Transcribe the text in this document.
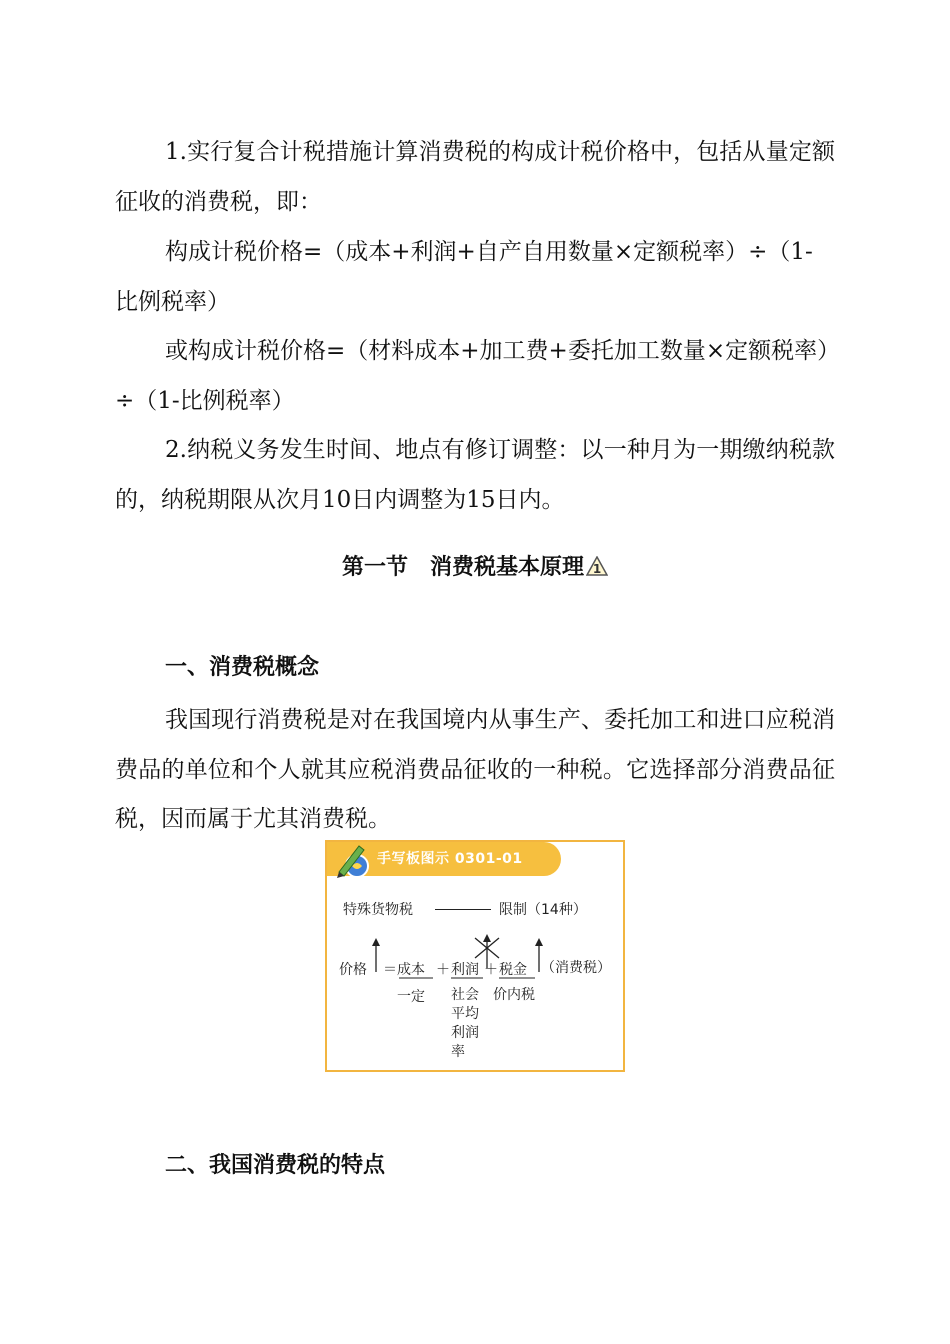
1.实行复合计税措施计算消费税的构成计税价格中，包括从量定额征收的消费税，即：

构成计税价格=（成本+利润+自产自用数量×定额税率）÷（1-比例税率）

或构成计税价格=（材料成本+加工费+委托加工数量×定额税率）÷（1-比例税率）

2.纳税义务发生时间、地点有修订调整：以一种月为一期缴纳税款的，纳税期限从次月10日内调整为15日内。

第一节　消费税基本原理 1
一、消费税概念

我国现行消费税是对在我国境内从事生产、委托加工和进口应税消费品的单位和个人就其应税消费品征收的一种税。它选择部分消费品征税，因而属于尤其消费税。

手写板图示 0301-01
特殊货物税	限制（14种）
价格 ＝成本 ＋ 利润 ＋ 税金 （消费税）
一定 社会
平均
利润
率
价内税
二、我国消费税的特点
